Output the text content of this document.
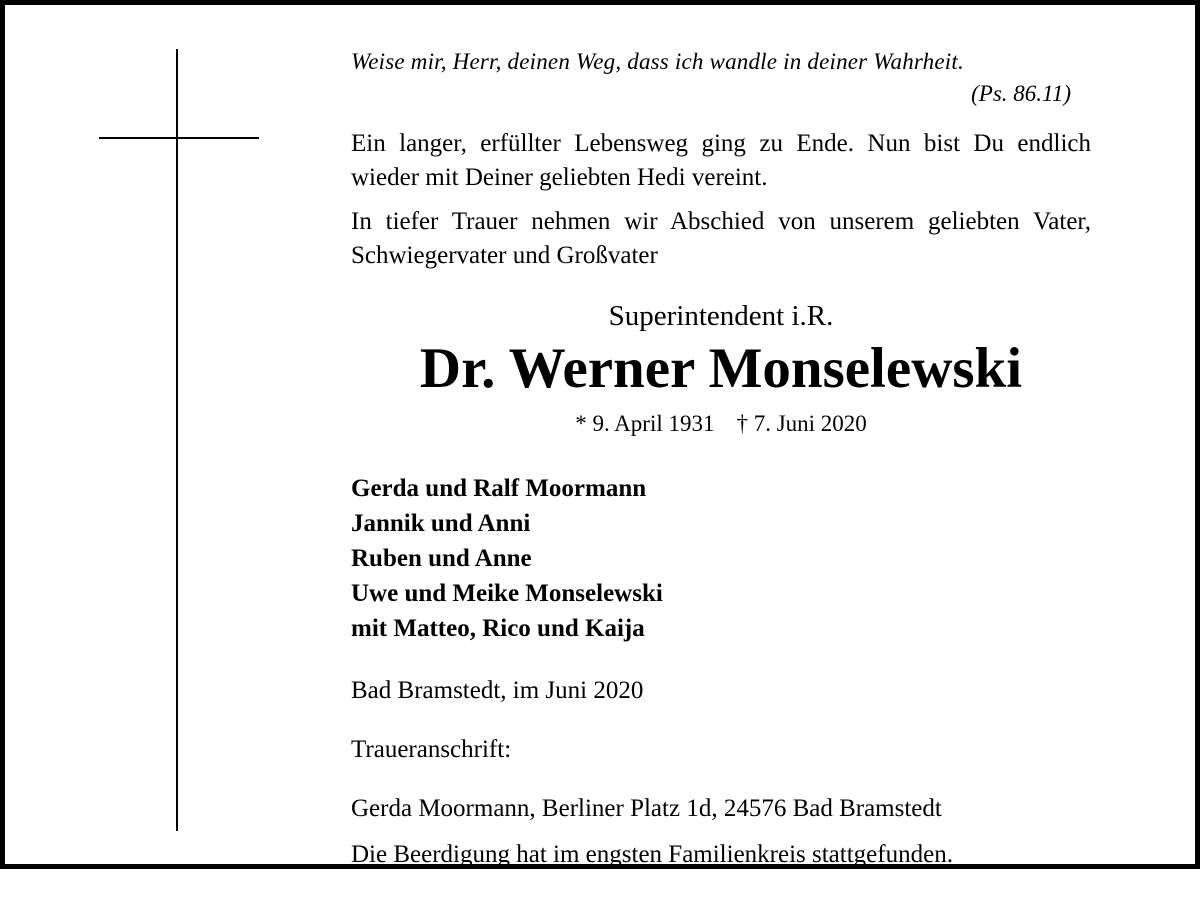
Weise mir, Herr, deinen Weg, dass ich wandle in deiner Wahrheit.

(Ps. 86.11)

Ein langer, erfüllter Lebensweg ging zu Ende. Nun bist Du endlich wieder mit Deiner geliebten Hedi vereint.

In tiefer Trauer nehmen wir Abschied von unserem geliebten Vater, Schwiegervater und Großvater

Superintendent i.R.

Dr. Werner Monselewski
* 9. April 1931 † 7. Juni 2020
Gerda und Ralf Moormann
Jannik und Anni
Ruben und Anne
Uwe und Meike Monselewski
mit Matteo, Rico und Kaija

Bad Bramstedt, im Juni 2020

Traueranschrift:

Gerda Moormann, Berliner Platz 1d, 24576 Bad Bramstedt

Die Beerdigung hat im engsten Familienkreis stattgefunden.
